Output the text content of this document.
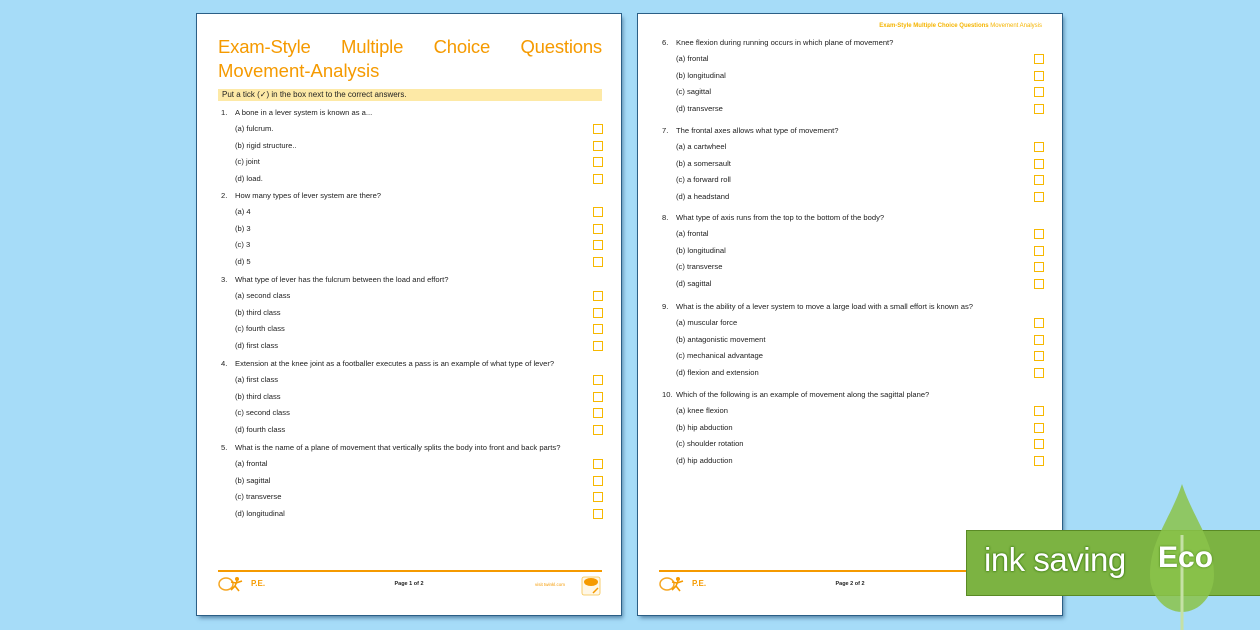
Exam-Style Multiple Choice Questions
Movement-Analysis
Put a tick (✓) in the box next to the correct answers.
1. A bone in a lever system is known as a...
(a) fulcrum.
(b) rigid structure..
(c) joint
(d) load.
2. How many types of lever system are there?
(a) 4
(b) 3
(c) 3
(d) 5
3. What type of lever has the fulcrum between the load and effort?
(a) second class
(b) third class
(c) fourth class
(d) first class
4. Extension at the knee joint as a footballer executes a pass is an example of what type of lever?
(a) first class
(b) third class
(c) second class
(d) fourth class
5. What is the name of a plane of movement that vertically splits the body into front and back parts?
(a) frontal
(b) sagittal
(c) transverse
(d) longitudinal
P.E.	Page 1 of 2	visit twinkl.com
Exam-Style Multiple Choice Questions Movement Analysis
6. Knee flexion during running occurs in which plane of movement?
(a) frontal
(b) longitudinal
(c) sagittal
(d) transverse
7. The frontal axes allows what type of movement?
(a) a cartwheel
(b) a somersault
(c) a forward roll
(d) a headstand
8. What type of axis runs from the top to the bottom of the body?
(a) frontal
(b) longitudinal
(c) transverse
(d) sagittal
9. What is the ability of a lever system to move a large load with a small effort is known as?
(a) muscular force
(b) antagonistic movement
(c) mechanical advantage
(d) flexion and extension
10. Which of the following is an example of movement along the sagittal plane?
(a) knee flexion
(b) hip abduction
(c) shoulder rotation
(d) hip adduction
P.E.	Page 2 of 2
ink saving Eco
